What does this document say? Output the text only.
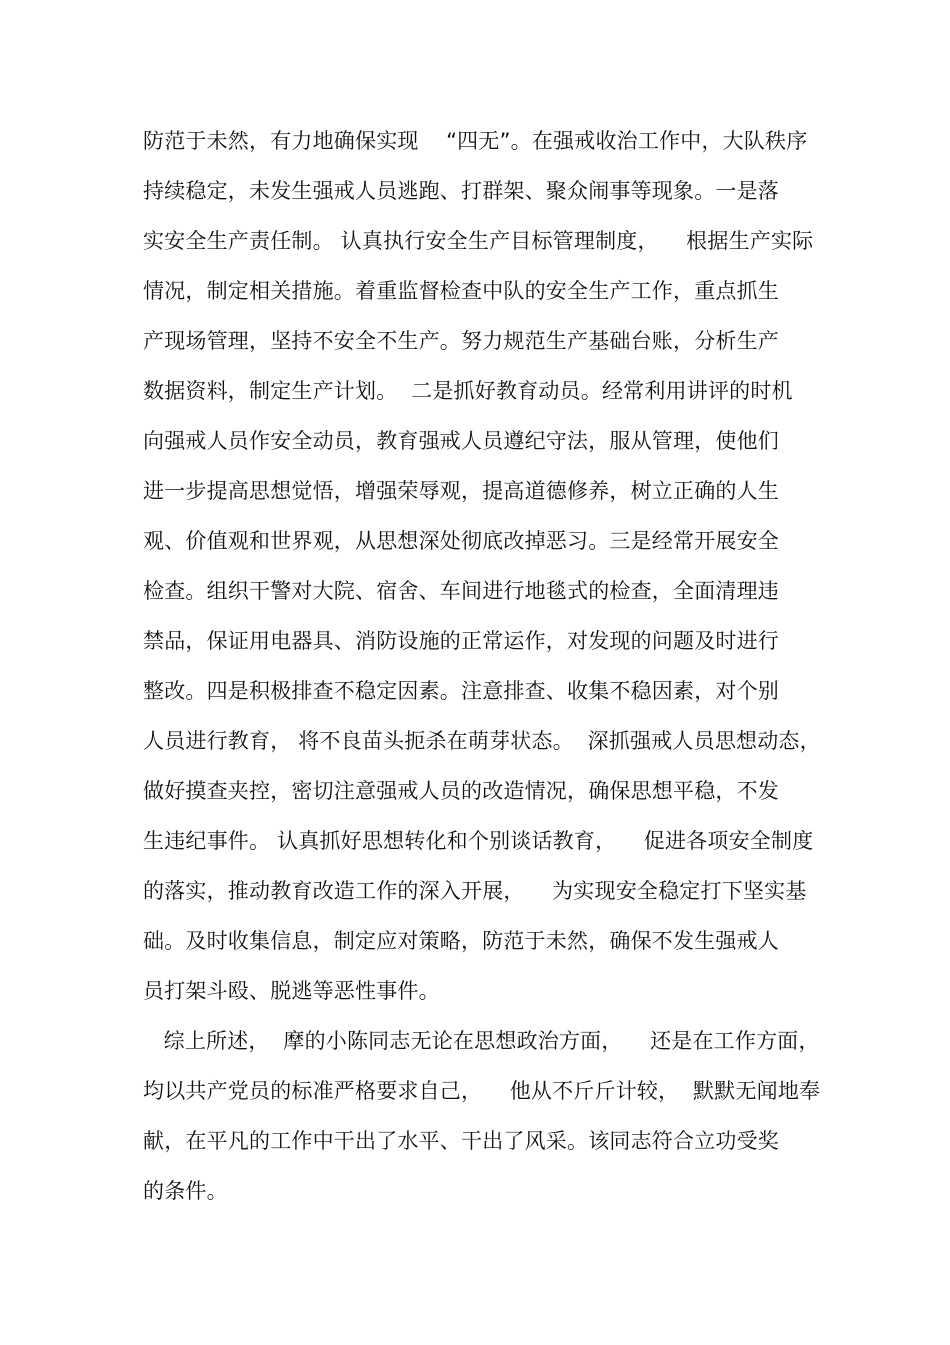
防范于未然，有力地确保实现    “四无”。在强戒收治工作中，大队秩序
持续稳定，未发生强戒人员逃跑、打群架、聚众闹事等现象。一是落
实安全生产责任制。 认真执行安全生产目标管理制度，    根据生产实际
情况，制定相关措施。着重监督检查中队的安全生产工作，重点抓生
产现场管理，坚持不安全不生产。努力规范生产基础台账，分析生产
数据资料，制定生产计划。  二是抓好教育动员。经常利用讲评的时机
向强戒人员作安全动员，教育强戒人员遵纪守法，服从管理，使他们
进一步提高思想觉悟，增强荣辱观，提高道德修养，树立正确的人生
观、价值观和世界观，从思想深处彻底改掉恶习。三是经常开展安全
检查。组织干警对大院、宿舍、车间进行地毯式的检查，全面清理违
禁品，保证用电器具、消防设施的正常运作，对发现的问题及时进行
整改。四是积极排查不稳定因素。注意排查、收集不稳因素，对个别
人员进行教育， 将不良苗头扼杀在萌芽状态。  深抓强戒人员思想动态，
做好摸查夹控，密切注意强戒人员的改造情况，确保思想平稳，不发
生违纪事件。 认真抓好思想转化和个别谈话教育，    促进各项安全制度
的落实，推动教育改造工作的深入开展，    为实现安全稳定打下坚实基
础。及时收集信息，制定应对策略，防范于未然，确保不发生强戒人
员打架斗殴、脱逃等恶性事件。
综上所述，  摩的小陈同志无论在思想政治方面，    还是在工作方面，
均以共产党员的标准严格要求自己，    他从不斤斤计较，  默默无闻地奉
献，在平凡的工作中干出了水平、干出了风采。该同志符合立功受奖
的条件。
